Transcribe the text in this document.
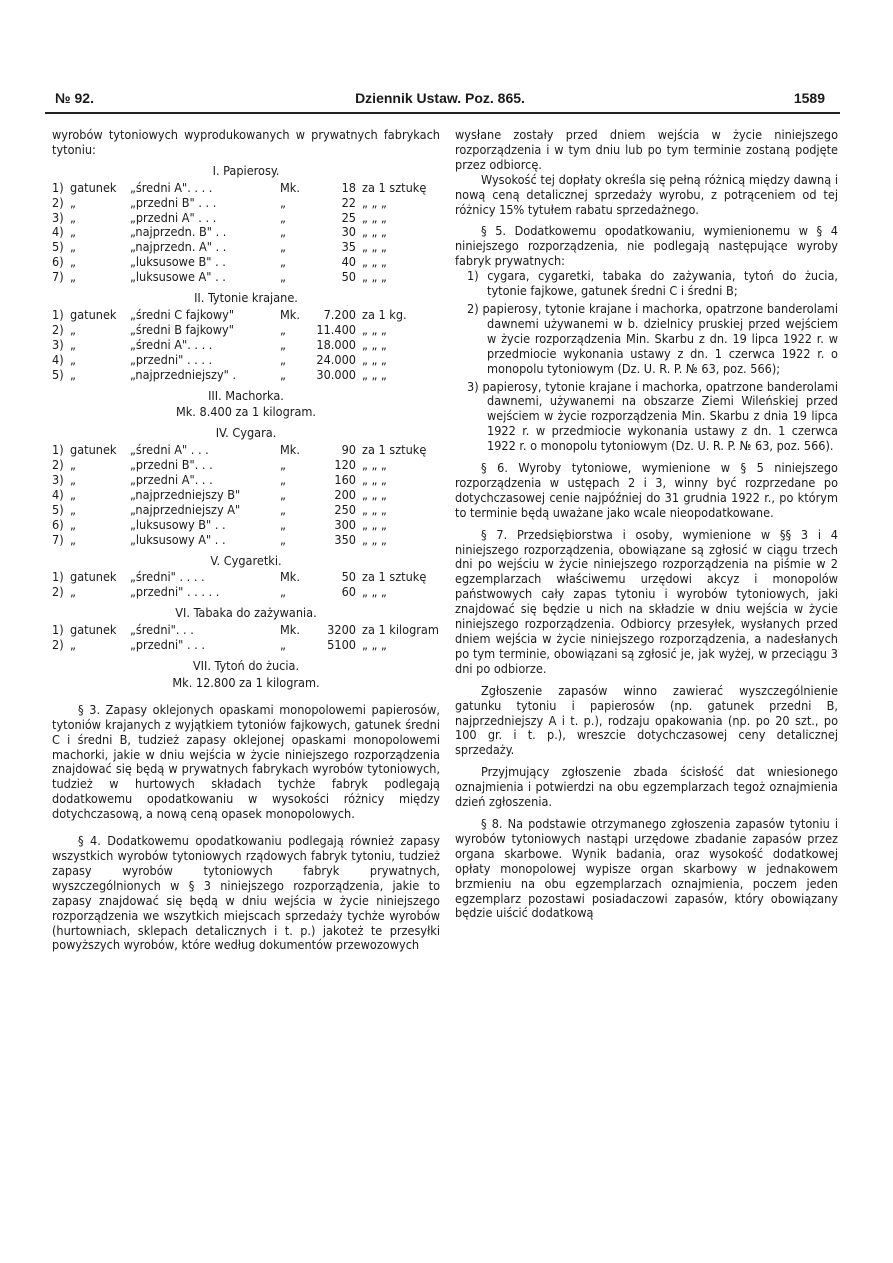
№ 92.	Dziennik Ustaw. Poz. 865.	1589

wyrobów tytoniowych wyprodukowanych w prywatnych fabrykach tytoniu:

I. Papierosy.
1)	gatunek	„średni A". . . .	Mk.	18	za 1 sztukę
2)	„	„przedni B" . . .	„	22	„ „ „
3)	„	„przedni A" . . .	„	25	„ „ „
4)	„	„najprzedn. B" . .	„	30	„ „ „
5)	„	„najprzedn. A" . .	„	35	„ „ „
6)	„	„luksusowe B" . .	„	40	„ „ „
7)	„	„luksusowe A" . .	„	50	„ „ „
II. Tytonie krajane.
1)	gatunek	„średni C fajkowy"	Mk.	7.200	za 1 kg.
2)	„	„średni B fajkowy"	„	11.400	„ „ „
3)	„	„średni A". . . .	„	18.000	„ „ „
4)	„	„przedni" . . . .	„	24.000	„ „ „
5)	„	„najprzedniejszy" .	„	30.000	„ „ „
III. Machorka.
Mk. 8.400 za 1 kilogram.
IV. Cygara.
1)	gatunek	„średni A" . . .	Mk.	90	za 1 sztukę
2)	„	„przedni B". . .	„	120	„ „ „
3)	„	„przedni A". . .	„	160	„ „ „
4)	„	„najprzedniejszy B"	„	200	„ „ „
5)	„	„najprzedniejszy A"	„	250	„ „ „
6)	„	„luksusowy B" . .	„	300	„ „ „
7)	„	„luksusowy A" . .	„	350	„ „ „
V. Cygaretki.
1)	gatunek	„średni" . . . .	Mk.	50	za 1 sztukę
2)	„	„przedni" . . . . .	„	60	„ „ „
VI. Tabaka do zażywania.
1)	gatunek	„średni". . .	Mk.	3200	za 1 kilogram
2)	„	„przedni" . . .	„	5100	„ „ „
VII. Tytoń do żucia.
Mk. 12.800 za 1 kilogram.

§ 3. Zapasy oklejonych opaskami monopolowemi papierosów, tytoniów krajanych z wyjątkiem tytoniów fajkowych, gatunek średni C i średni B, tudzież zapasy oklejonej opaskami monopolowemi machorki, jakie w dniu wejścia w życie niniejszego rozporządzenia znajdować się będą w prywatnych fabrykach wyrobów tytoniowych, tudzież w hurtowych składach tychże fabryk podlegają dodatkowemu opodatkowaniu w wysokości różnicy między dotychczasową, a nową ceną opasek monopolowych.

§ 4. Dodatkowemu opodatkowaniu podlegają również zapasy wszystkich wyrobów tytoniowych rządowych fabryk tytoniu, tudzież zapasy wyrobów tytoniowych fabryk prywatnych, wyszczególnionych w § 3 niniejszego rozporządzenia, jakie to zapasy znajdować się będą w dniu wejścia w życie niniejszego rozporządzenia we wszytkich miejscach sprzedaży tychże wyrobów (hurtowniach, sklepach detalicznych i t. p.) jakoteż te przesyłki powyższych wyrobów, które według dokumentów przewozowych

wysłane zostały przed dniem wejścia w życie niniejszego rozporządzenia i w tym dniu lub po tym terminie zostaną podjęte przez odbiorcę.

Wysokość tej dopłaty określa się pełną różnicą między dawną i nową ceną detalicznej sprzedaży wyrobu, z potrąceniem od tej różnicy 15% tytułem rabatu sprzedażnego.

§ 5. Dodatkowemu opodatkowaniu, wymienionemu w § 4 niniejszego rozporządzenia, nie podlegają następujące wyroby fabryk prywatnych:

1) cygara, cygaretki, tabaka do zażywania, tytoń do żucia, tytonie fajkowe, gatunek średni C i średni B;

2) papierosy, tytonie krajane i machorka, opatrzone banderolami dawnemi używanemi w b. dzielnicy pruskiej przed wejściem w życie rozporządzenia Min. Skarbu z dn. 19 lipca 1922 r. w przedmiocie wykonania ustawy z dn. 1 czerwca 1922 r. o monopolu tytoniowym (Dz. U. R. P. № 63, poz. 566);

3) papierosy, tytonie krajane i machorka, opatrzone banderolami dawnemi, używanemi na obszarze Ziemi Wileńskiej przed wejściem w życie rozporządzenia Min. Skarbu z dnia 19 lipca 1922 r. w przedmiocie wykonania ustawy z dn. 1 czerwca 1922 r. o monopolu tytoniowym (Dz. U. R. P. № 63, poz. 566).

§ 6. Wyroby tytoniowe, wymienione w § 5 niniejszego rozporządzenia w ustępach 2 i 3, winny być rozprzedane po dotychczasowej cenie najpóźniej do 31 grudnia 1922 r., po którym to terminie będą uważane jako wcale nieopodatkowane.

§ 7. Przedsiębiorstwa i osoby, wymienione w §§ 3 i 4 niniejszego rozporządzenia, obowiązane są zgłosić w ciągu trzech dni po wejściu w życie niniejszego rozporządzenia na piśmie w 2 egzemplarzach właściwemu urzędowi akcyz i monopolów państwowych cały zapas tytoniu i wyrobów tytoniowych, jaki znajdować się będzie u nich na składzie w dniu wejścia w życie niniejszego rozporządzenia. Odbiorcy przesyłek, wysłanych przed dniem wejścia w życie niniejszego rozporządzenia, a nadesłanych po tym terminie, obowiązani są zgłosić je, jak wyżej, w przeciągu 3 dni po odbiorze.

Zgłoszenie zapasów winno zawierać wyszczególnienie gatunku tytoniu i papierosów (np. gatunek przedni B, najprzedniejszy A i t. p.), rodzaju opakowania (np. po 20 szt., po 100 gr. i t. p.), wreszcie dotychczasowej ceny detalicznej sprzedaży.

Przyjmujący zgłoszenie zbada ścisłość dat wniesionego oznajmienia i potwierdzi na obu egzemplarzach tegoż oznajmienia dzień zgłoszenia.

§ 8. Na podstawie otrzymanego zgłoszenia zapasów tytoniu i wyrobów tytoniowych nastąpi urzędowe zbadanie zapasów przez organa skarbowe. Wynik badania, oraz wysokość dodatkowej opłaty monopolowej wypisze organ skarbowy w jednakowem brzmieniu na obu egzemplarzach oznajmienia, poczem jeden egzemplarz pozostawi posiadaczowi zapasów, który obowiązany będzie uiścić dodatkową
